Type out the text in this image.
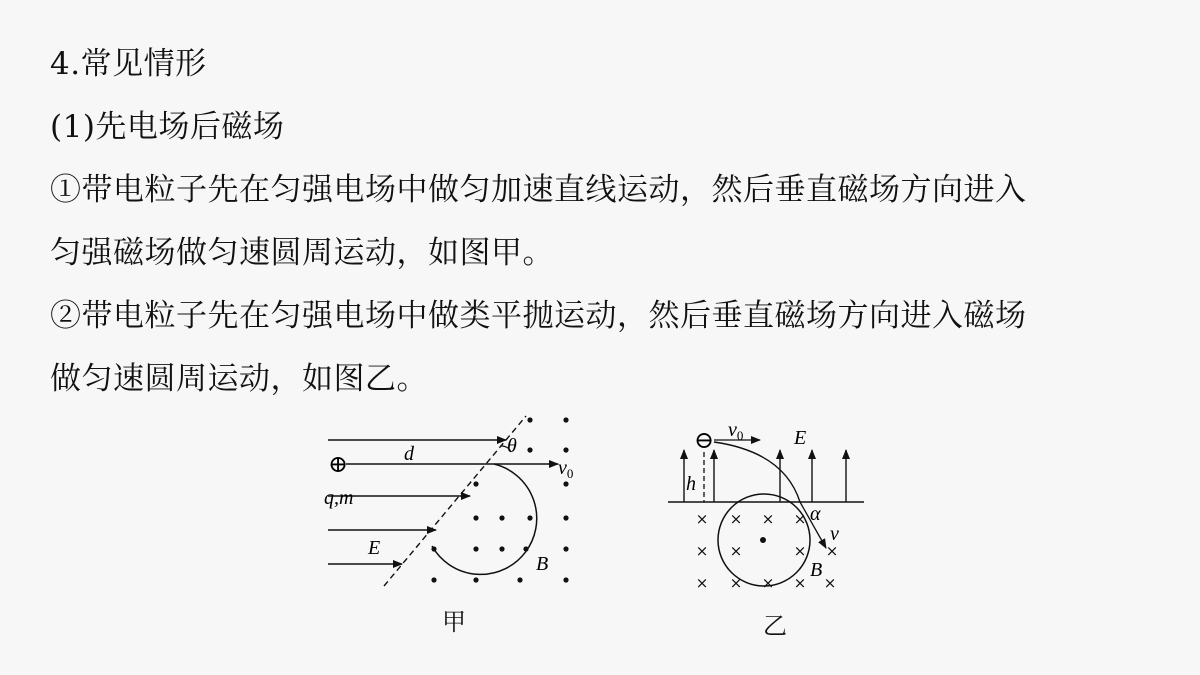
4.常见情形
(1)先电场后磁场
①带电粒子先在匀强电场中做匀加速直线运动，然后垂直磁场方向进入
匀强磁场做匀速圆周运动，如图甲。
②带电粒子先在匀强电场中做类平抛运动，然后垂直磁场方向进入磁场
做匀速圆周运动，如图乙。
⊕	d	θ
$v_0$
q,m
E
B
甲
× × × ×
× ×	× ×
× × × × ×
⊖ $v_0$	E
h
α
v
B
乙
